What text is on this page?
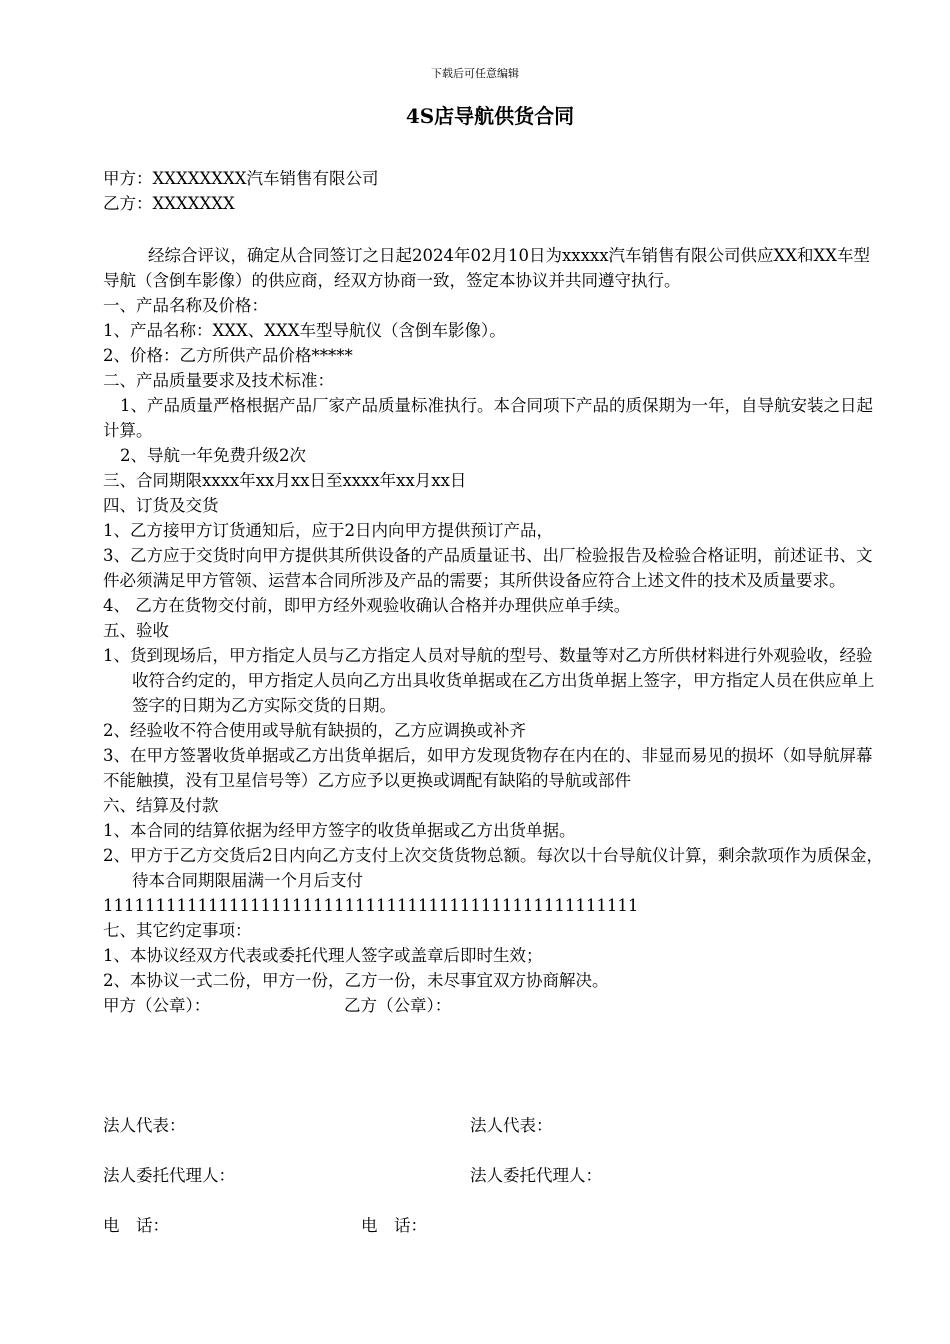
下载后可任意编辑
4S店导航供货合同

甲方：XXXXXXXX汽车销售有限公司

乙方：XXXXXXX

经综合评议，确定从合同签订之日起2024年02月10日为xxxxx汽车销售有限公司供应XX和XX车型导航（含倒车影像）的供应商，经双方协商一致，签定本协议并共同遵守执行。

一、产品名称及价格：

1、产品名称：XXX、XXX车型导航仪（含倒车影像）。

2、价格：乙方所供产品价格*****

二、产品质量要求及技术标准：

1、产品质量严格根据产品厂家产品质量标准执行。本合同项下产品的质保期为一年，自导航安装之日起计算。

2、导航一年免费升级2次

三、合同期限xxxx年xx月xx日至xxxx年xx月xx日

四、订货及交货

1、乙方接甲方订货通知后，应于2日内向甲方提供预订产品，

3、乙方应于交货时向甲方提供其所供设备的产品质量证书、出厂检验报告及检验合格证明，前述证书、文件必须满足甲方管领、运营本合同所涉及产品的需要；其所供设备应符合上述文件的技术及质量要求。

4、 乙方在货物交付前，即甲方经外观验收确认合格并办理供应单手续。

五、验收

1、货到现场后，甲方指定人员与乙方指定人员对导航的型号、数量等对乙方所供材料进行外观验收，经验收符合约定的，甲方指定人员向乙方出具收货单据或在乙方出货单据上签字，甲方指定人员在供应单上签字的日期为乙方实际交货的日期。

2、经验收不符合使用或导航有缺损的，乙方应调换或补齐

3、在甲方签署收货单据或乙方出货单据后，如甲方发现货物存在内在的、非显而易见的损坏（如导航屏幕不能触摸，没有卫星信号等）乙方应予以更换或调配有缺陷的导航或部件

六、结算及付款

1、本合同的结算依据为经甲方签字的收货单据或乙方出货单据。

2、甲方于乙方交货后2日内向乙方支付上次交货货物总额。每次以十台导航仪计算，剩余款项作为质保金，待本合同期限届满一个月后支付

111111111111111111111111111111111111111111111111111

七、其它约定事项：

1、本协议经双方代表或委托代理人签字或盖章后即时生效；

2、本协议一式二份，甲方一份，乙方一份，未尽事宜双方协商解决。

甲方（公章）：	乙方（公章）：
法人代表：	法人代表：
法人委托代理人：	法人委托代理人：
电　话：	电　话：
